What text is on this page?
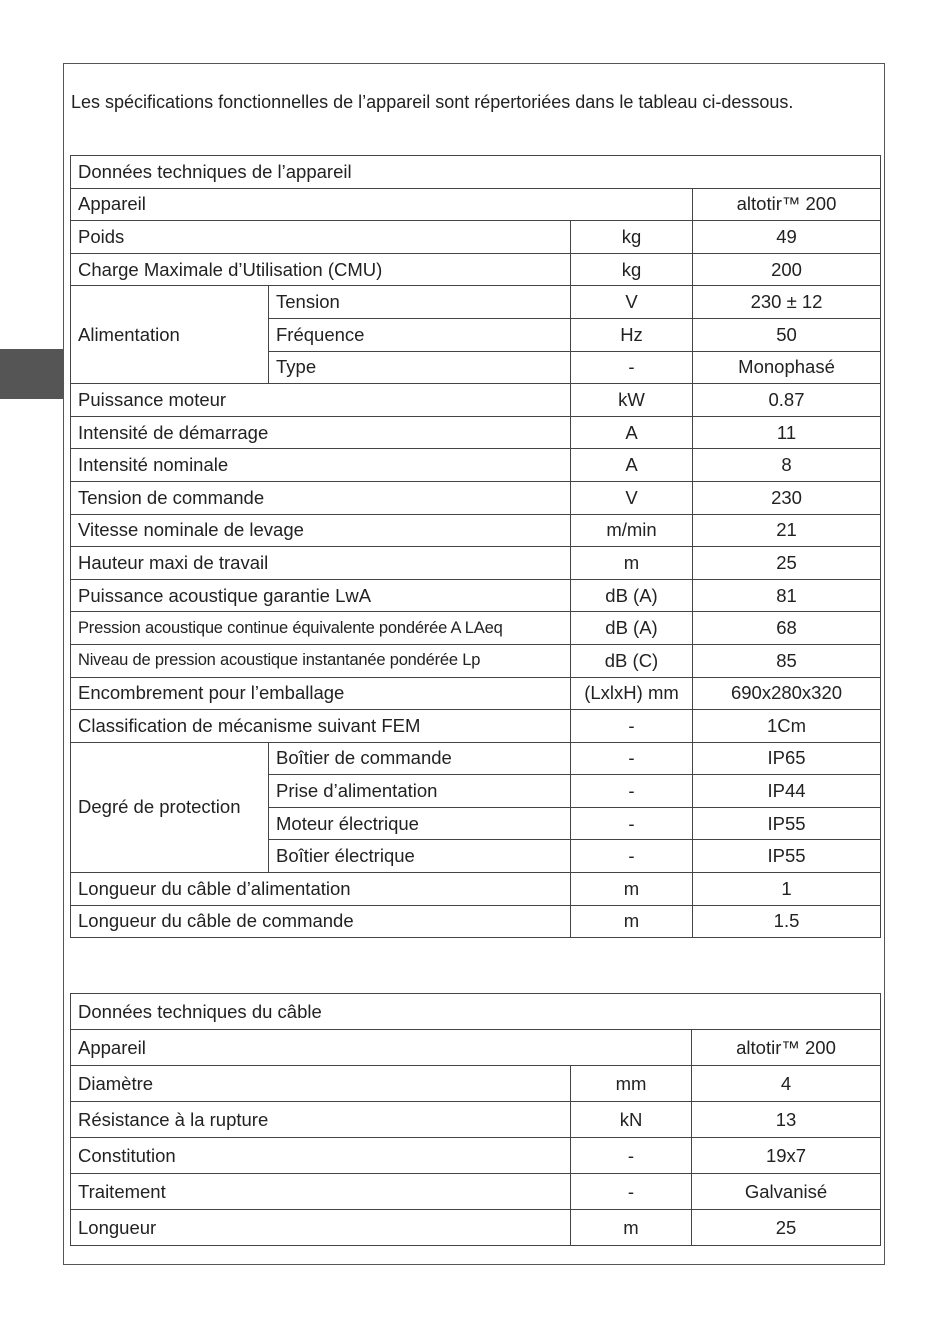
Les spécifications fonctionnelles de l’appareil sont répertoriées dans le tableau ci-dessous.
Données techniques de l’appareil			
Appareil			altotir™ 200
Poids		kg	49
Charge Maximale d’Utilisation (CMU)		kg	200
Alimentation	Tension	V	230 ± 12
	Fréquence	Hz	50
	Type	-	Monophasé
Puissance moteur		kW	0.87
Intensité de démarrage		A	11
Intensité nominale		A	8
Tension de commande		V	230
Vitesse nominale de levage		m/min	21
Hauteur maxi de travail		m	25
Puissance acoustique garantie LwA		dB (A)	81
Pression acoustique continue équivalente pondérée A LAeq		dB (A)	68
Niveau de pression acoustique instantanée pondérée Lp		dB (C)	85
Encombrement pour l’emballage		(LxlxH) mm	690x280x320
Classification de mécanisme suivant FEM		-	1Cm
Degré de protection	Boîtier de commande	-	IP65
	Prise d’alimentation	-	IP44
	Moteur électrique	-	IP55
	Boîtier électrique	-	IP55
Longueur du câble d’alimentation		m	1
Longueur du câble de commande		m	1.5
Données techniques du câble		
Appareil		altotir™ 200
Diamètre	mm	4
Résistance à la rupture	kN	13
Constitution	-	19x7
Traitement	-	Galvanisé
Longueur	m	25
